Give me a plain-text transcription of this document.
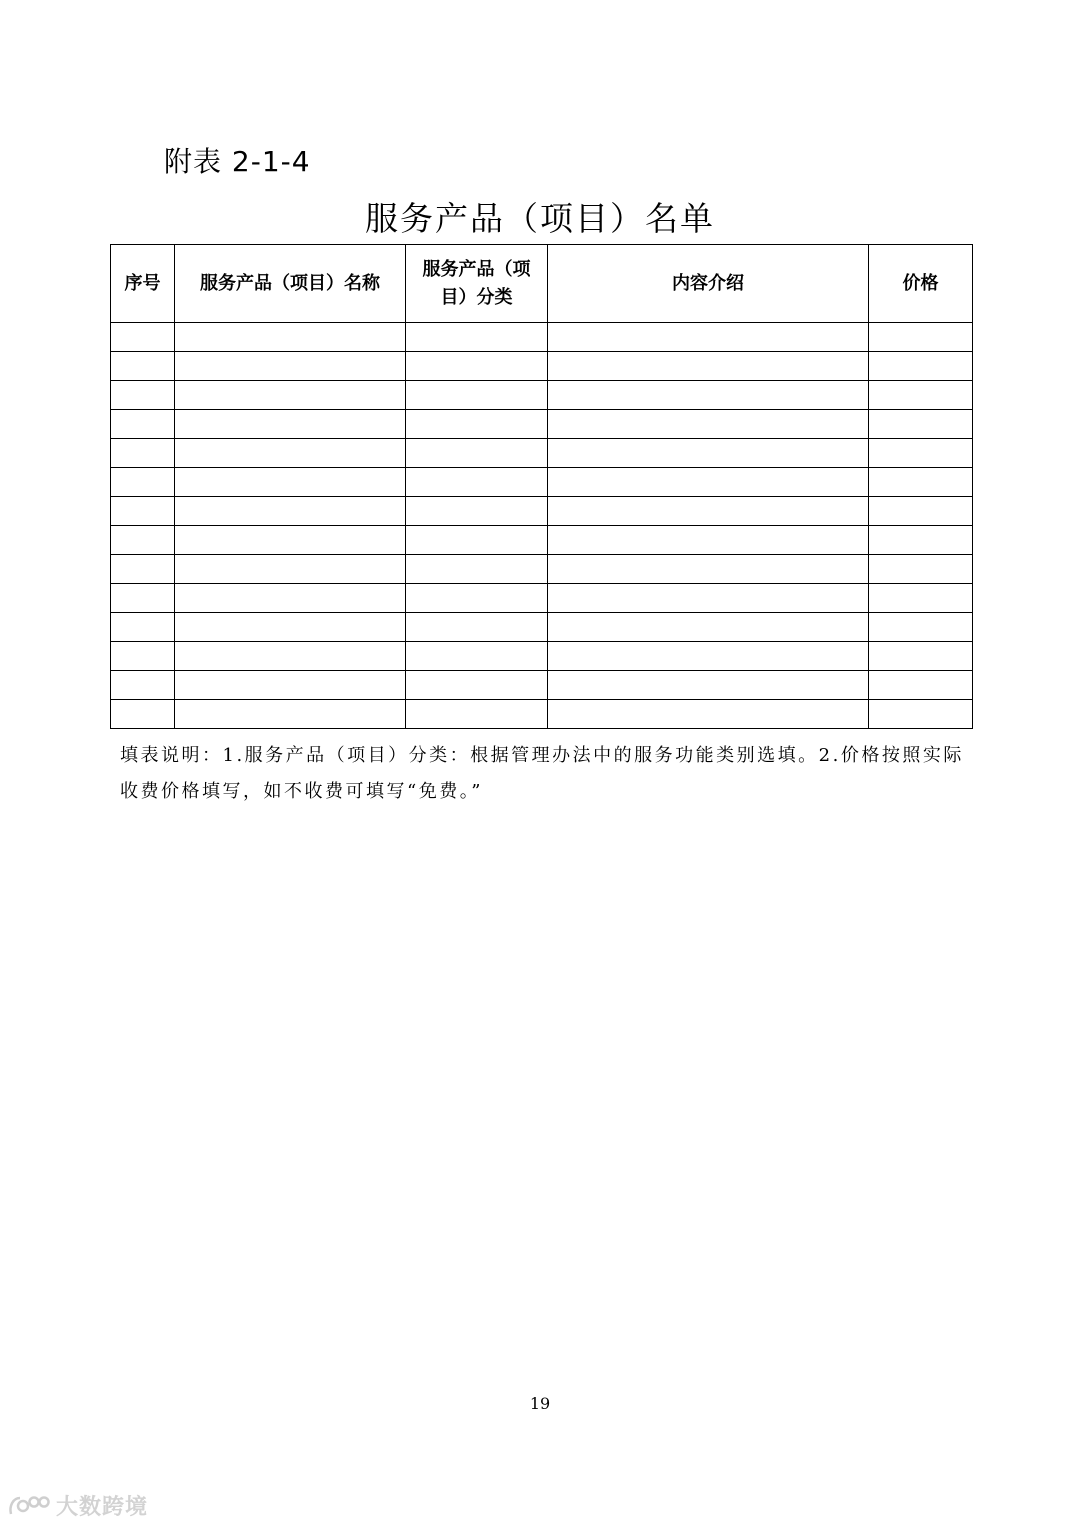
附表 2-1-4
服务产品（项目）名单
序号	服务产品（项目）名称	服务产品（项目）分类	内容介绍	价格

填表说明：1.服务产品（项目）分类：根据管理办法中的服务功能类别选填。2.价格按照实际收费价格填写，如不收费可填写“免费。”
19
大数跨境
